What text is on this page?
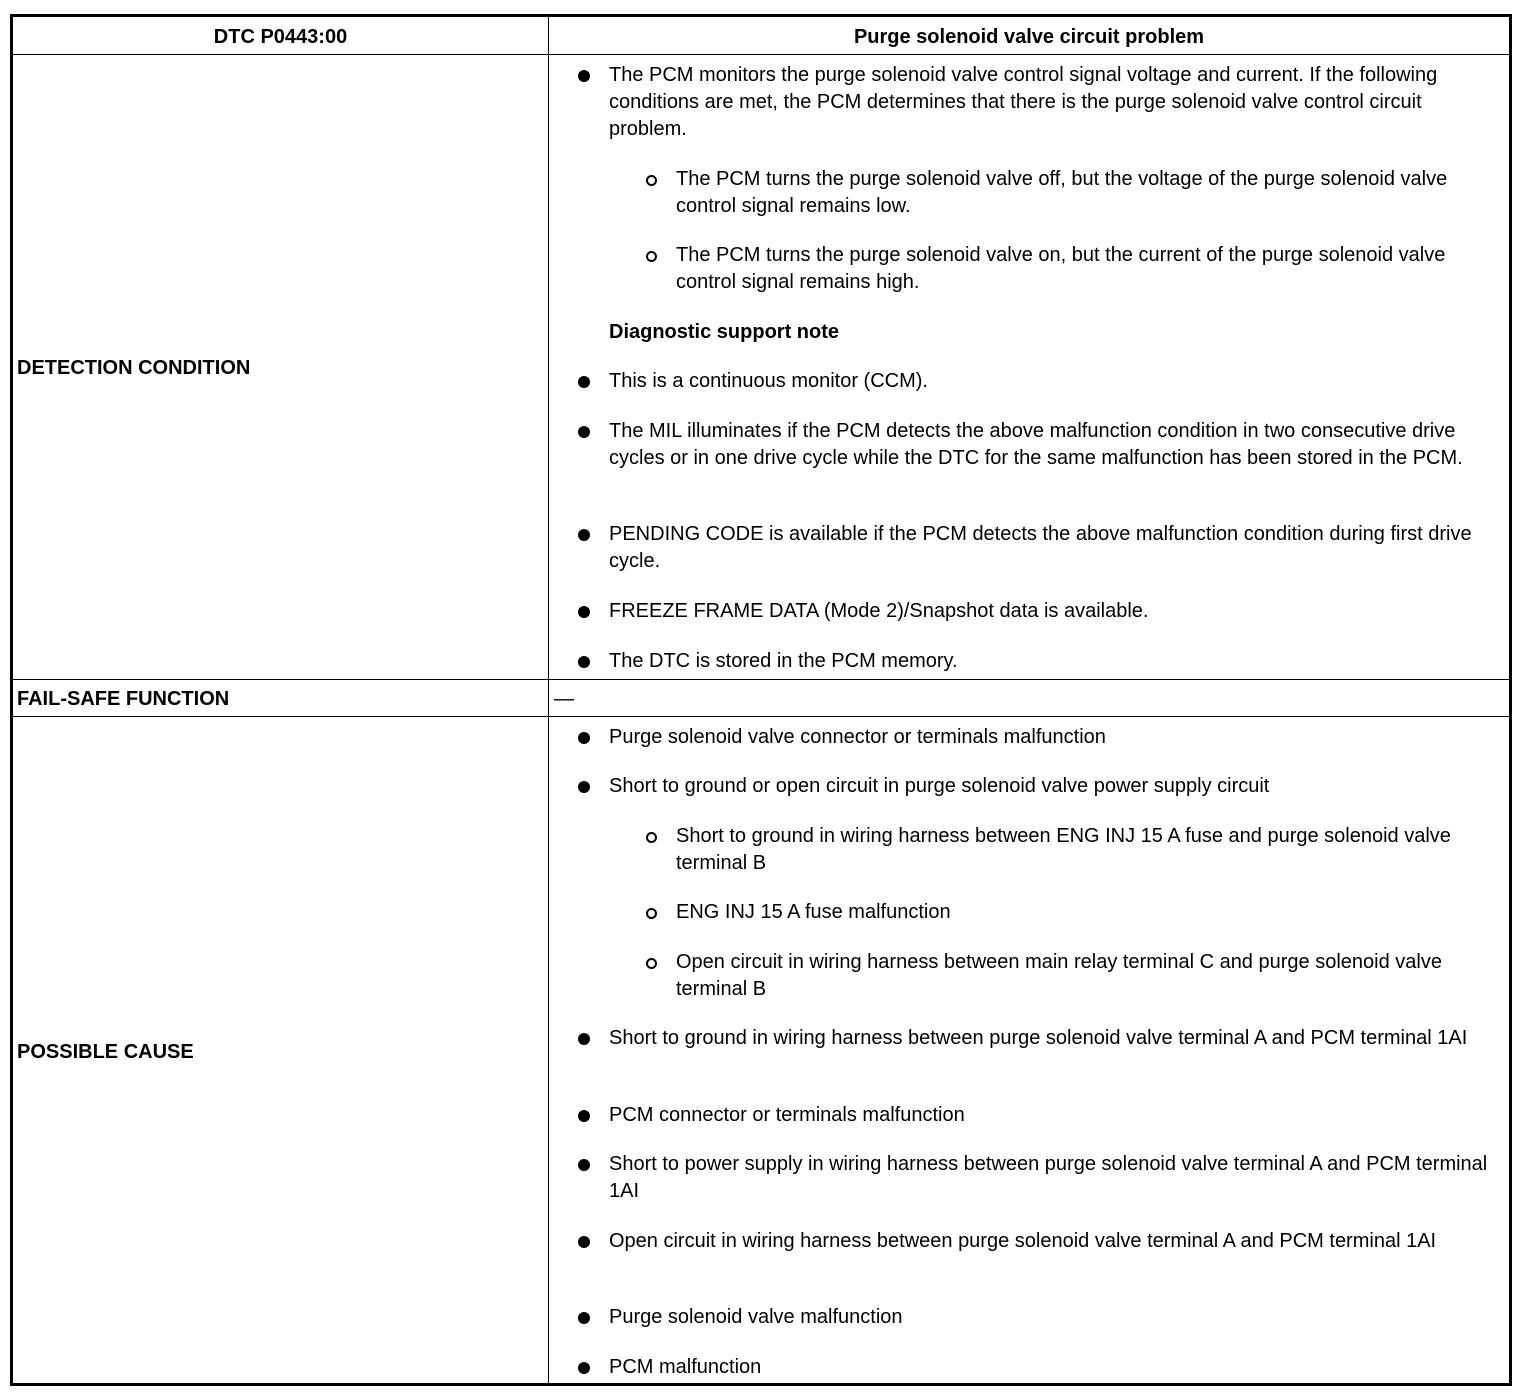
DTC P0443:00	Purge solenoid valve circuit problem
DETECTION CONDITION

The PCM monitors the purge solenoid valve control signal voltage and current. If the following conditions are met, the PCM determines that there is the purge solenoid valve control circuit problem.

The PCM turns the purge solenoid valve off, but the voltage of the purge solenoid valve control signal remains low.

The PCM turns the purge solenoid valve on, but the current of the purge solenoid valve control signal remains high.

Diagnostic support note

This is a continuous monitor (CCM).

The MIL illuminates if the PCM detects the above malfunction condition in two consecutive drive cycles or in one drive cycle while the DTC for the same malfunction has been stored in the PCM.

PENDING CODE is available if the PCM detects the above malfunction condition during first drive cycle.

FREEZE FRAME DATA (Mode 2)/Snapshot data is available.

The DTC is stored in the PCM memory.

FAIL-SAFE FUNCTION	—
POSSIBLE CAUSE

Purge solenoid valve connector or terminals malfunction

Short to ground or open circuit in purge solenoid valve power supply circuit

Short to ground in wiring harness between ENG INJ 15 A fuse and purge solenoid valve terminal B

ENG INJ 15 A fuse malfunction

Open circuit in wiring harness between main relay terminal C and purge solenoid valve terminal B

Short to ground in wiring harness between purge solenoid valve terminal A and PCM terminal 1AI

PCM connector or terminals malfunction

Short to power supply in wiring harness between purge solenoid valve terminal A and PCM terminal 1AI

Open circuit in wiring harness between purge solenoid valve terminal A and PCM terminal 1AI

Purge solenoid valve malfunction

PCM malfunction
